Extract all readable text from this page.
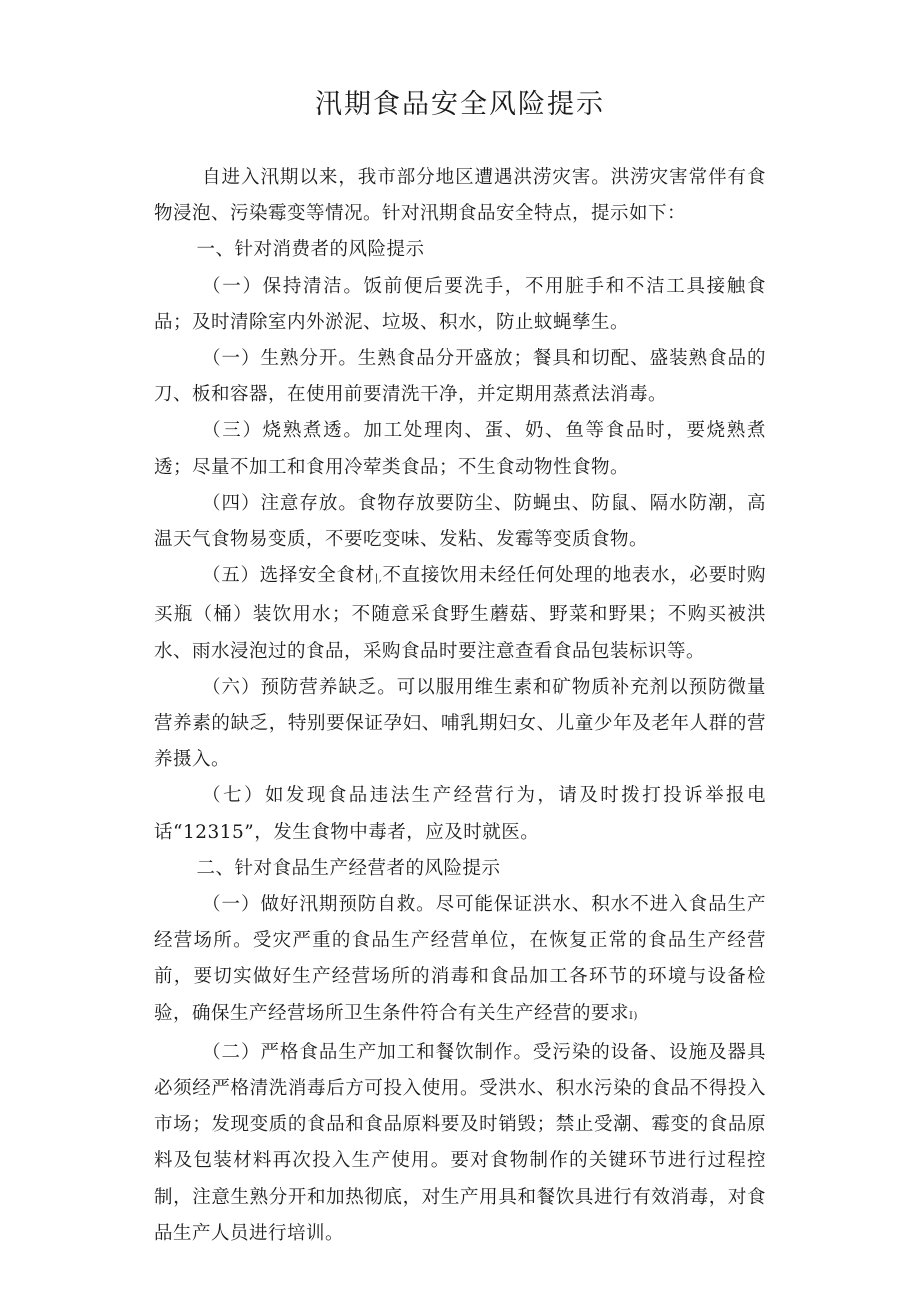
汛期食品安全风险提示

自进入汛期以来，我市部分地区遭遇洪涝灾害。洪涝灾害常伴有食物浸泡、污染霉变等情况。针对汛期食品安全特点，提示如下：

一、针对消费者的风险提示

（一）保持清洁。饭前便后要洗手，不用脏手和不洁工具接触食品；及时清除室内外淤泥、垃圾、积水，防止蚊蝇孳生。

（一）生熟分开。生熟食品分开盛放；餐具和切配、盛装熟食品的刀、板和容器，在使用前要清洗干净，并定期用蒸煮法消毒。

（三）烧熟煮透。加工处理肉、蛋、奶、鱼等食品时，要烧熟煮透；尽量不加工和食用冷荤类食品；不生食动物性食物。

（四）注意存放。食物存放要防尘、防蝇虫、防鼠、隔水防潮，高温天气食物易变质，不要吃变味、发粘、发霉等变质食物。

（五）选择安全食材|,不直接饮用未经任何处理的地表水，必要时购买瓶（桶）装饮用水；不随意采食野生蘑菇、野菜和野果；不购买被洪水、雨水浸泡过的食品，采购食品时要注意查看食品包装标识等。

（六）预防营养缺乏。可以服用维生素和矿物质补充剂以预防微量营养素的缺乏，特别要保证孕妇、哺乳期妇女、儿童少年及老年人群的营养摄入。

（七）如发现食品违法生产经营行为，请及时拨打投诉举报电话“12315”，发生食物中毒者，应及时就医。

二、针对食品生产经营者的风险提示

（一）做好汛期预防自救。尽可能保证洪水、积水不进入食品生产经营场所。受灾严重的食品生产经营单位，在恢复正常的食品生产经营前，要切实做好生产经营场所的消毒和食品加工各环节的环境与设备检验，确保生产经营场所卫生条件符合有关生产经营的要求I)

（二）严格食品生产加工和餐饮制作。受污染的设备、设施及器具必须经严格清洗消毒后方可投入使用。受洪水、积水污染的食品不得投入市场；发现变质的食品和食品原料要及时销毁；禁止受潮、霉变的食品原料及包装材料再次投入生产使用。要对食物制作的关键环节进行过程控制，注意生熟分开和加热彻底，对生产用具和餐饮具进行有效消毒，对食品生产人员进行培训。
